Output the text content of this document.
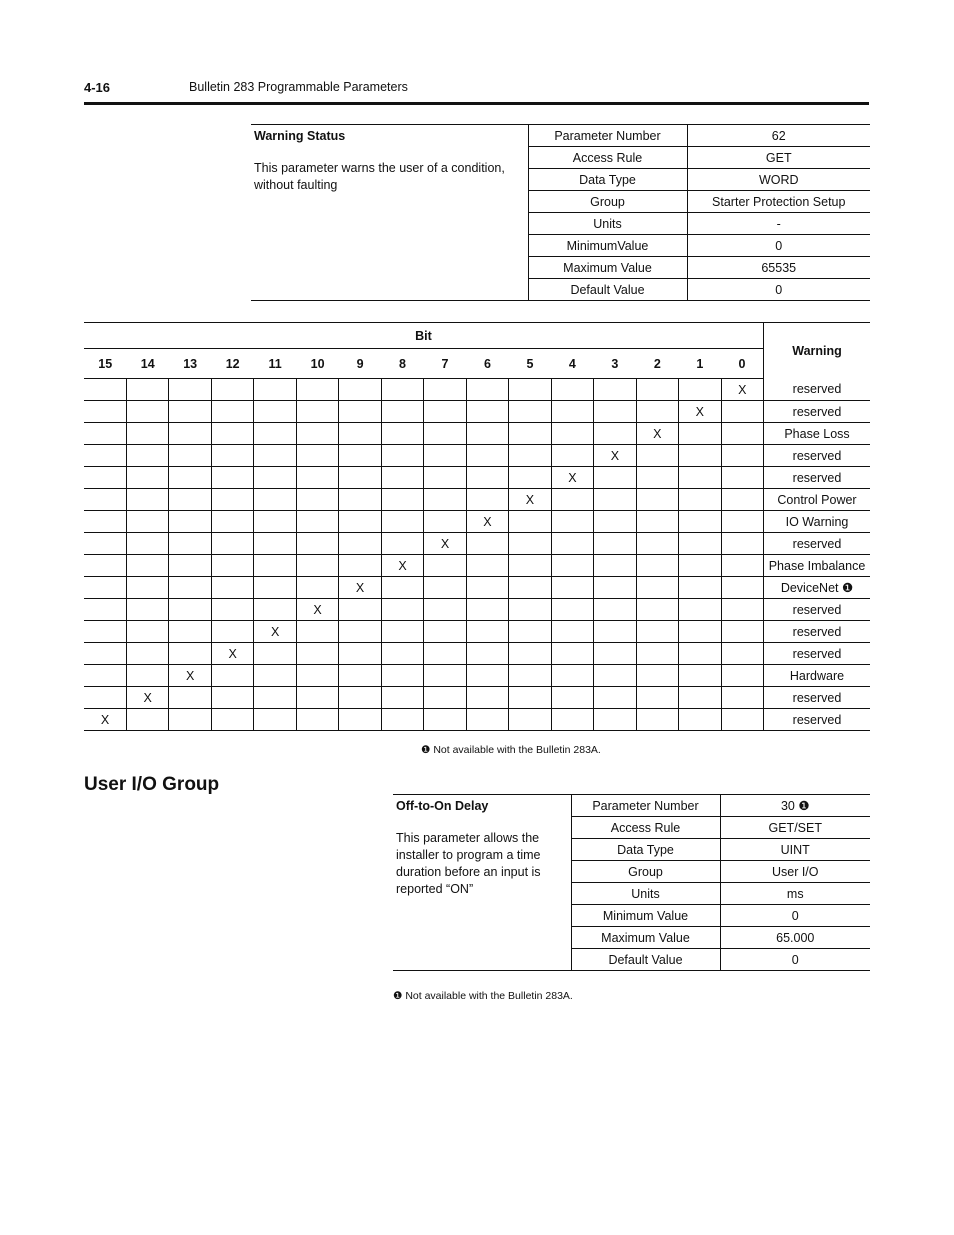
4-16	Bulletin 283 Programmable Parameters
Warning Status
This parameter warns the user of a condition, without faulting	Parameter Number	62
	Access Rule	GET
	Data Type	WORD
	Group	Starter Protection Setup
	Units	-
	MinimumValue	0
	Maximum Value	65535
	Default Value	0
Bit																Warning
15	14	13	12	11	10	9	8	7	6	5	4	3	2	1	0	
															X	reserved
														X		reserved
													X			Phase Loss
												X				reserved
											X					reserved
										X						Control Power
									X							IO Warning
								X								reserved
							X									Phase Imbalance
						X										DeviceNet ❶
					X											reserved
				X												reserved
			X													reserved
		X														Hardware
	X															reserved
X																reserved
❶ Not available with the Bulletin 283A.
User I/O Group
Off-to-On Delay
This parameter allows the installer to program a time duration before an input is reported “ON”	Parameter Number	30 ❶
	Access Rule	GET/SET
	Data Type	UINT
	Group	User I/O
	Units	ms
	Minimum Value	0
	Maximum Value	65.000
	Default Value	0
❶ Not available with the Bulletin 283A.
